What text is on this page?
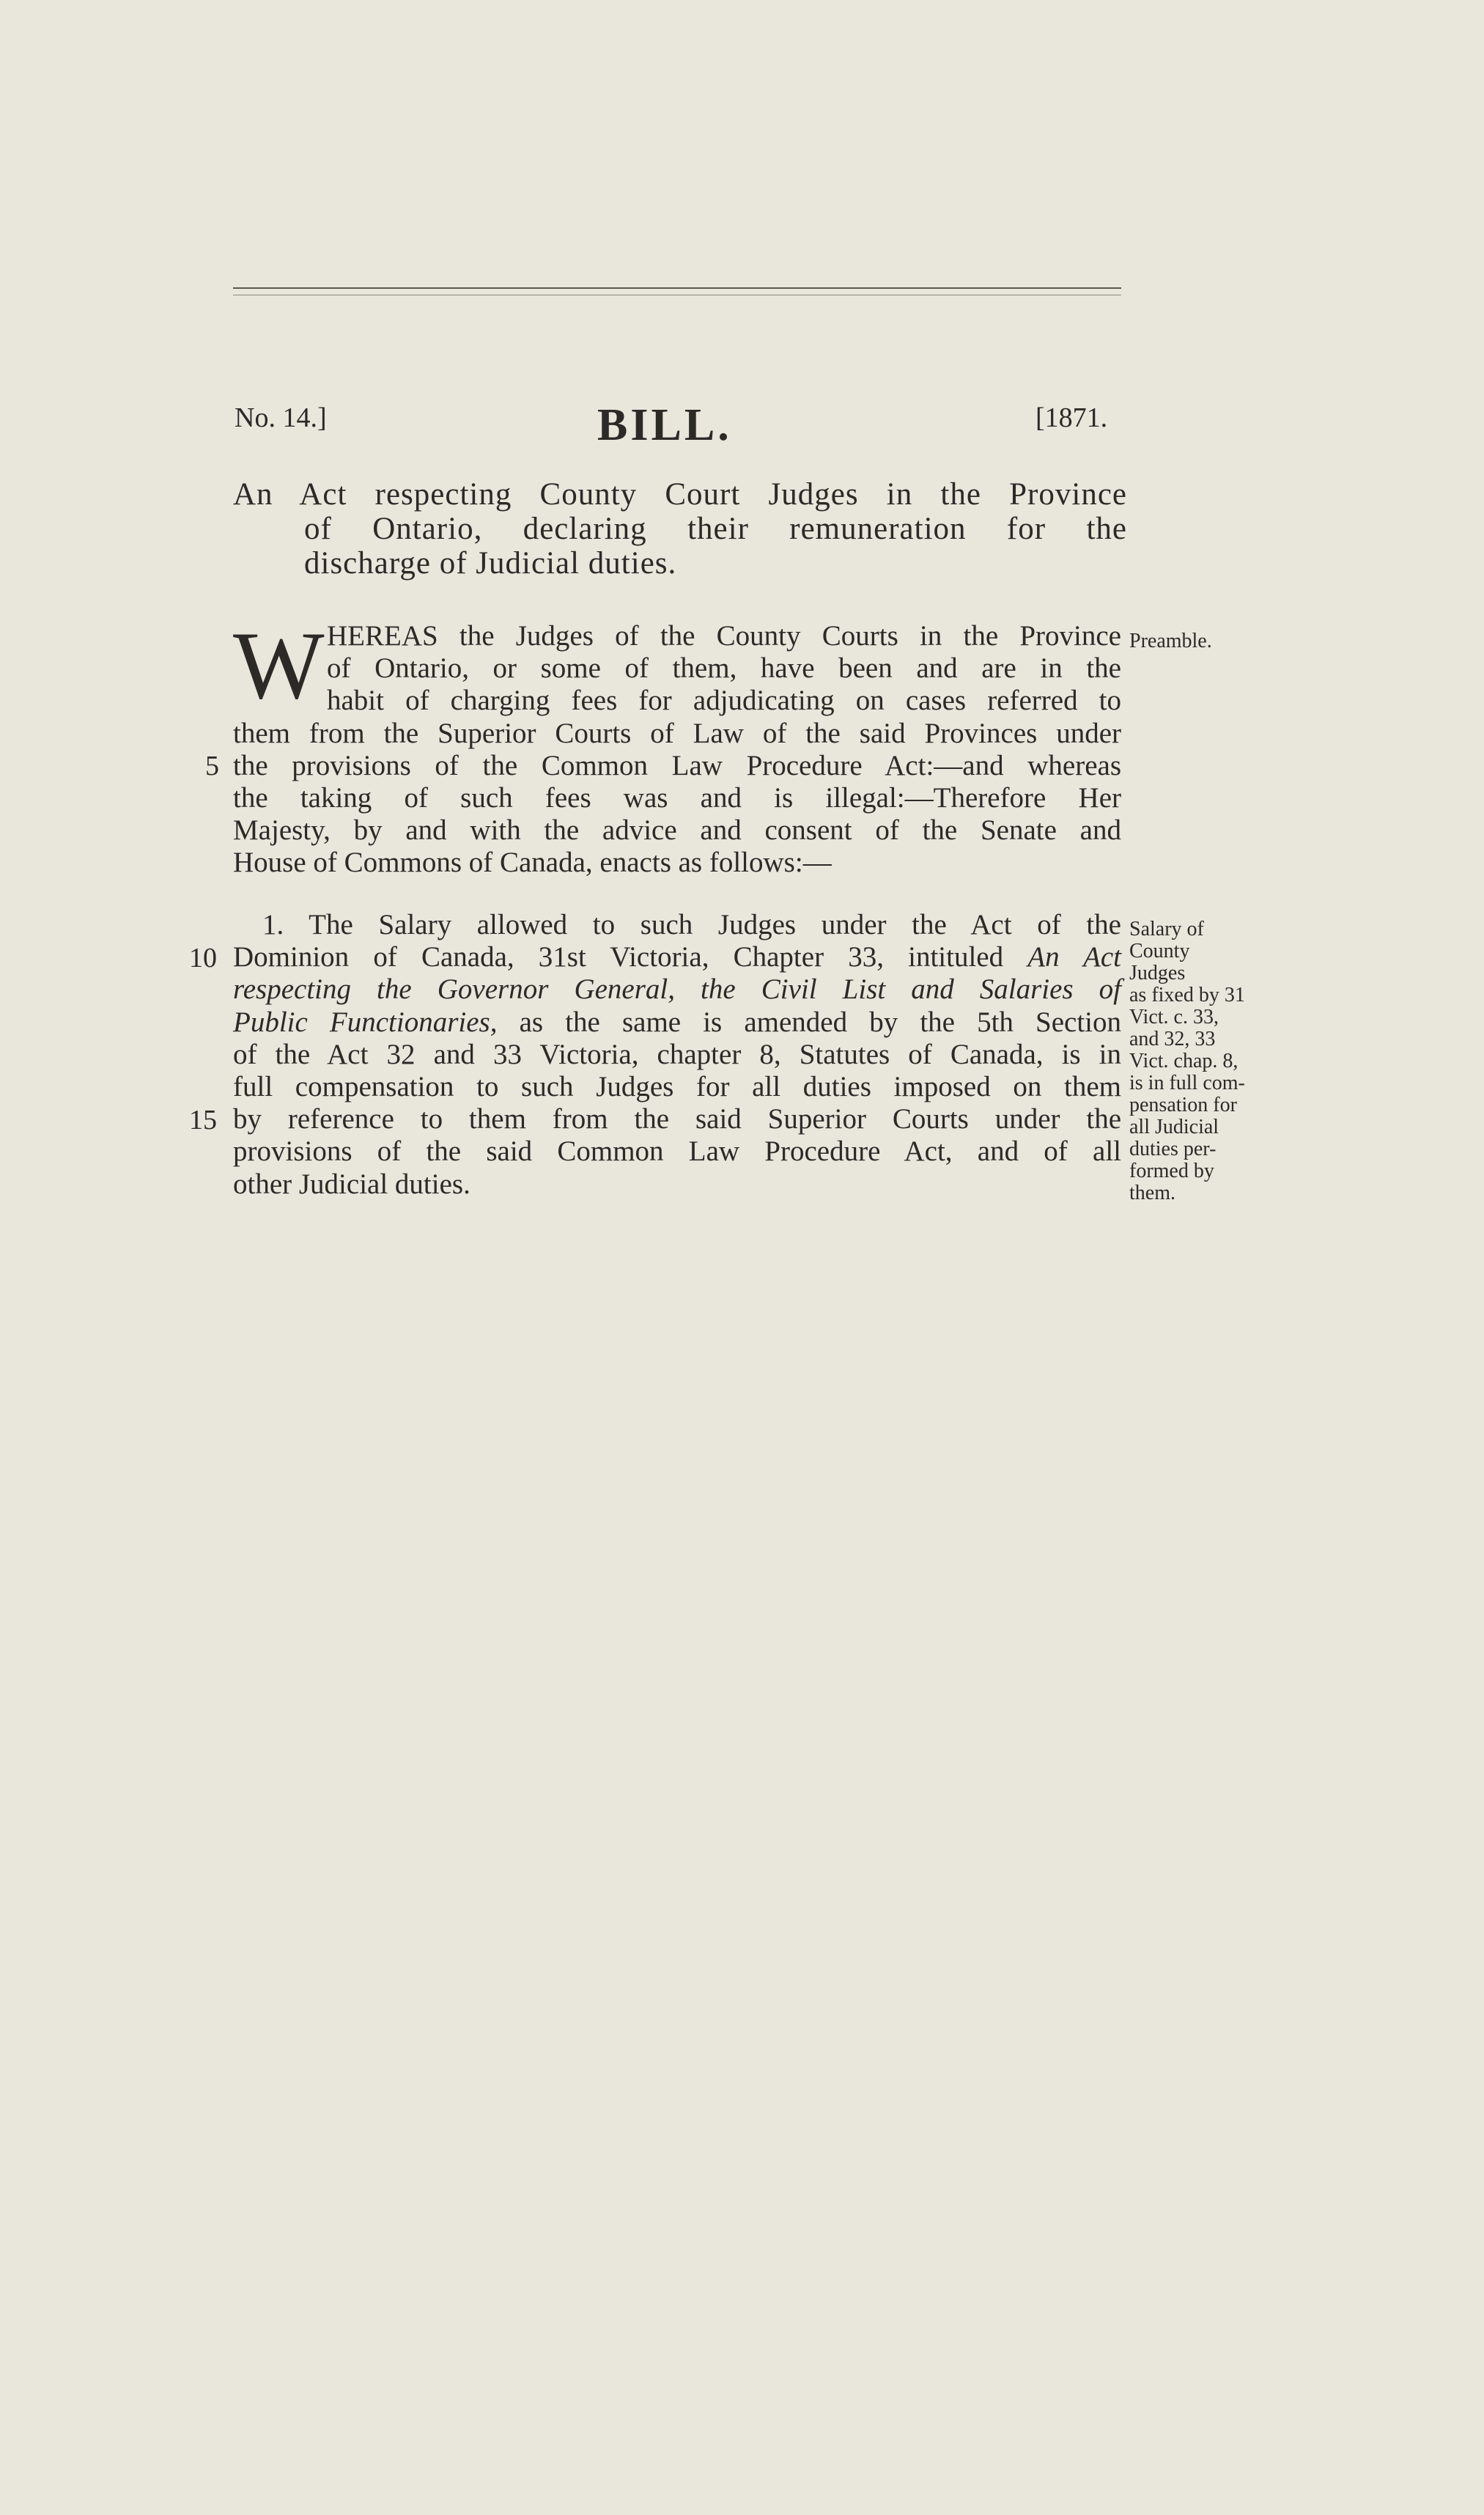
No. 14.]	BILL.	[1871.
An Act respecting County Court Judges in the Province
of Ontario, declaring their remuneration for the
discharge of Judicial duties.
W HEREAS the Judges of the County Courts in the Province
of Ontario, or some of them, have been and are in the
habit of charging fees for adjudicating on cases referred to
them from the Superior Courts of Law of the said Provinces under
the provisions of the Common Law Procedure Act:—and whereas
the taking of such fees was and is illegal:—Therefore Her
Majesty, by and with the advice and consent of the Senate and
House of Commons of Canada, enacts as follows:—
Preamble.
1. The Salary allowed to such Judges under the Act of the
Dominion of Canada, 31st Victoria, Chapter 33, intituled An Act
respecting the Governor General, the Civil List and Salaries of
Public Functionaries, as the same is amended by the 5th Section
of the Act 32 and 33 Victoria, chapter 8, Statutes of Canada, is in
full compensation to such Judges for all duties imposed on them
by reference to them from the said Superior Courts under the
provisions of the said Common Law Procedure Act, and of all
other Judicial duties.
Salary of
County
Judges
as fixed by 31
Vict. c. 33,
and 32, 33
Vict. chap. 8,
is in full com-
pensation for
all Judicial
duties per-
formed by
them.
5
10
15
